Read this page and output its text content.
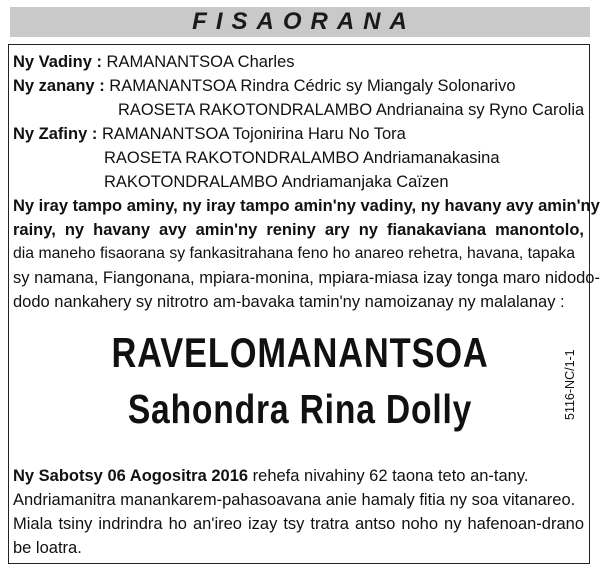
FISAORANA
Ny Vadiny : RAMANANTSOA Charles
Ny zanany : RAMANANTSOA Rindra Cédric sy Miangaly Solonarivo
RAOSETA RAKOTONDRALAMBO Andrianaina sy Ryno Carolia
Ny Zafiny : RAMANANTSOA Tojonirina Haru No Tora
RAOSETA RAKOTONDRALAMBO Andriamanakasina
RAKOTONDRALAMBO Andriamanjaka Caïzen
Ny iray tampo aminy, ny iray tampo amin'ny vadiny, ny havany avy amin'ny
rainy, ny havany avy amin'ny reniny ary ny fianakaviana manontolo,
dia maneho fisaorana sy fankasitrahana feno ho anareo rehetra, havana, tapaka
sy namana, Fiangonana, mpiara-monina, mpiara-miasa izay tonga maro nidodo-
dodo nankahery sy nitrotro am-bavaka tamin'ny namoizanay ny malalanay :
RAVELOMANANTSOA
Sahondra Rina Dolly	5116-NC/1-1
Ny Sabotsy 06 Aogositra 2016 rehefa nivahiny 62 taona teto an-tany.
Andriamanitra manankarem-pahasoavana anie hamaly fitia ny soa vitanareo.
Miala tsiny indrindra ho an'ireo izay tsy tratra antso noho ny hafenoan-drano
be loatra.
